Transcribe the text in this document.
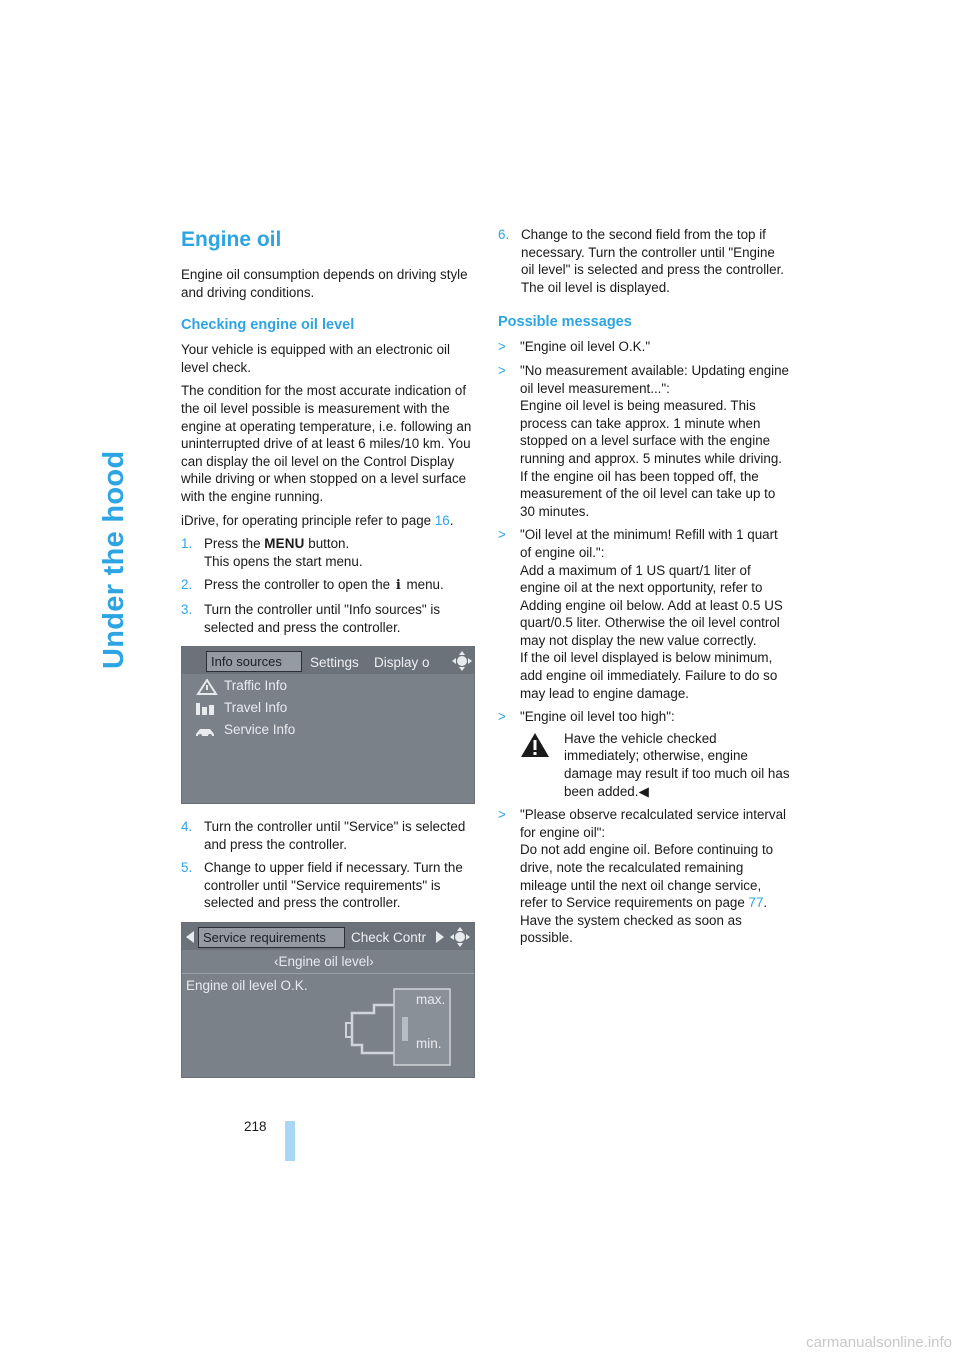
Under the hood
Engine oil

Engine oil consumption depends on driving style and driving conditions.

Checking engine oil level

Your vehicle is equipped with an electronic oil level check.

The condition for the most accurate indication of the oil level possible is measurement with the engine at operating temperature, i.e. following an uninterrupted drive of at least 6 miles/10 km. You can display the oil level on the Control Display while driving or when stopped on a level surface with the engine running.

iDrive, for operating principle refer to page 16.

1. Press the MENU button.
This opens the start menu.
2. Press the controller to open the i menu.
3. Turn the controller until "Info sources" is selected and press the controller.
Info sources	Settings Display o
Traffic Info
Travel Info
Service Info
4. Turn the controller until "Service" is selected and press the controller.
5. Change to upper field if necessary. Turn the controller until "Service requirements" is selected and press the controller.
Service requirements	Check Contr
‹Engine oil level›
Engine oil level O.K.
max.
min.
6. Change to the second field from the top if necessary. Turn the controller until "Engine oil level" is selected and press the controller. The oil level is displayed.
Possible messages
> "Engine oil level O.K."
> "No measurement available: Updating engine oil level measurement...":
Engine oil level is being measured. This process can take approx. 1 minute when stopped on a level surface with the engine running and approx. 5 minutes while driving.
If the engine oil has been topped off, the measurement of the oil level can take up to 30 minutes.
> "Oil level at the minimum! Refill with 1 quart of engine oil.":
Add a maximum of 1 US quart/1 liter of engine oil at the next opportunity, refer to Adding engine oil below. Add at least 0.5 US quart/0.5 liter. Otherwise the oil level control may not display the new value correctly.
If the oil level displayed is below minimum, add engine oil immediately. Failure to do so may lead to engine damage.
> "Engine oil level too high":
Have the vehicle checked immediately; otherwise, engine damage may result if too much oil has been added.◀
> "Please observe recalculated service interval for engine oil":
Do not add engine oil. Before continuing to drive, note the recalculated remaining mileage until the next oil change service, refer to Service requirements on page 77. Have the system checked as soon as possible.
218
carmanualsonline.info
